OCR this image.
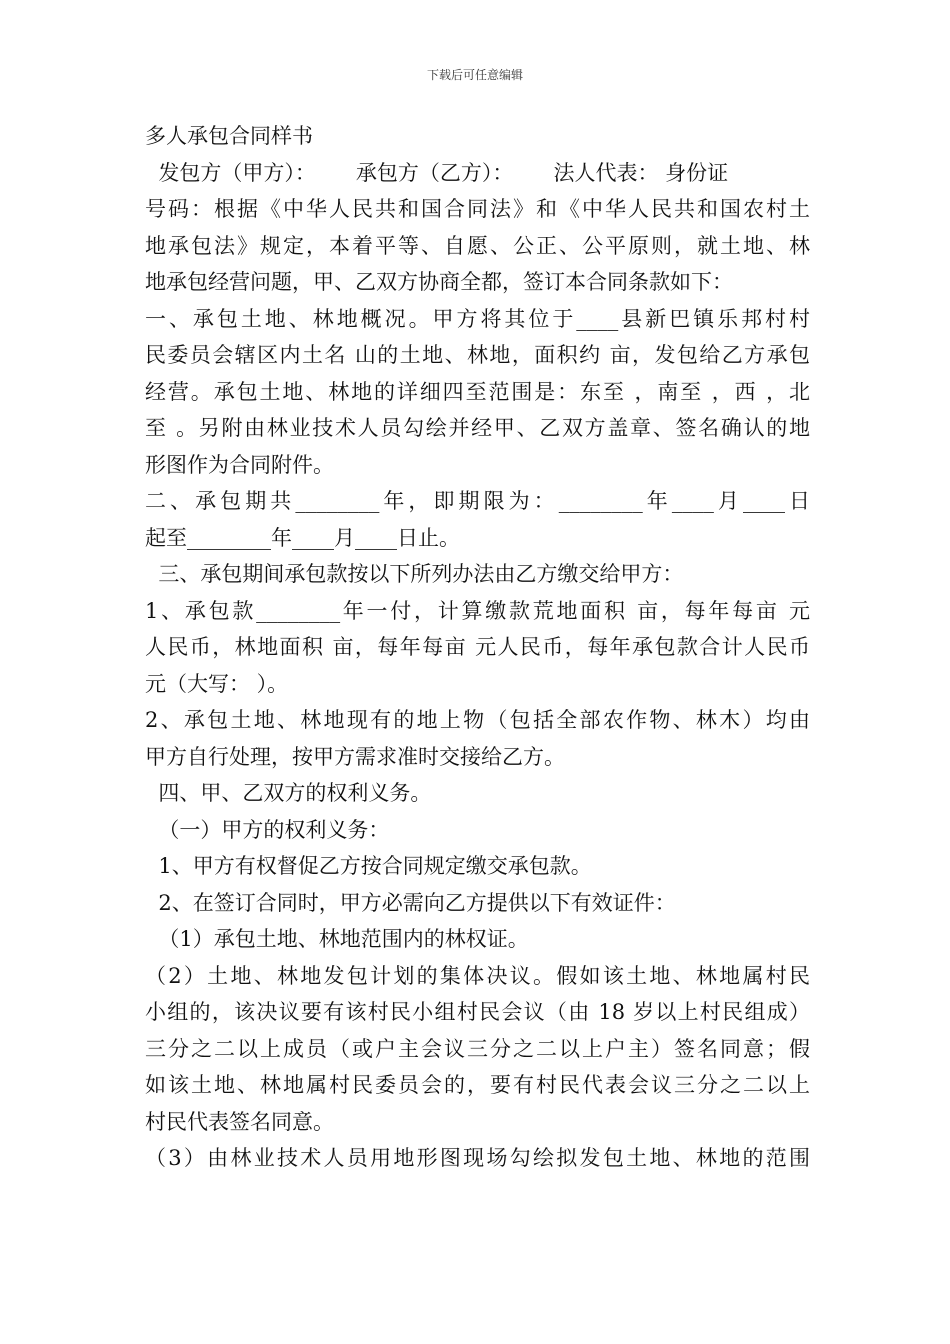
下载后可任意编辑

多人承包合同样书

发包方（甲方）：      承包方（乙方）：      法人代表： 身份证
号码：根据《中华人民共和国合同法》和《中华人民共和国农村土
地承包法》规定，本着平等、自愿、公正、公平原则，就土地、林
地承包经营问题，甲、乙双方协商全都，签订本合同条款如下：
一、承包土地、林地概况。甲方将其位于____县新巴镇乐邦村村
民委员会辖区内土名 山的土地、林地，面积约 亩，发包给乙方承包
经营。承包土地、林地的详细四至范围是：东至 ，南至 ，西 ，北
至 。另附由林业技术人员勾绘并经甲、乙双方盖章、签名确认的地
形图作为合同附件。
二、承包期共________年，即期限为：________年____月____日
起至________年____月____日止。
三、承包期间承包款按以下所列办法由乙方缴交给甲方：
1、承包款________年一付，计算缴款荒地面积 亩，每年每亩 元
人民币，林地面积 亩，每年每亩 元人民币，每年承包款合计人民币
元（大写： ）。
2、承包土地、林地现有的地上物（包括全部农作物、林木）均由
甲方自行处理，按甲方需求准时交接给乙方。
四、甲、乙双方的权利义务。
（一）甲方的权利义务：
1、甲方有权督促乙方按合同规定缴交承包款。
2、在签订合同时，甲方必需向乙方提供以下有效证件：
（1）承包土地、林地范围内的林权证。
（2）土地、林地发包计划的集体决议。假如该土地、林地属村民
小组的，该决议要有该村民小组村民会议（由 18 岁以上村民组成）
三分之二以上成员（或户主会议三分之二以上户主）签名同意；假
如该土地、林地属村民委员会的，要有村民代表会议三分之二以上
村民代表签名同意。
（3）由林业技术人员用地形图现场勾绘拟发包土地、林地的范围
